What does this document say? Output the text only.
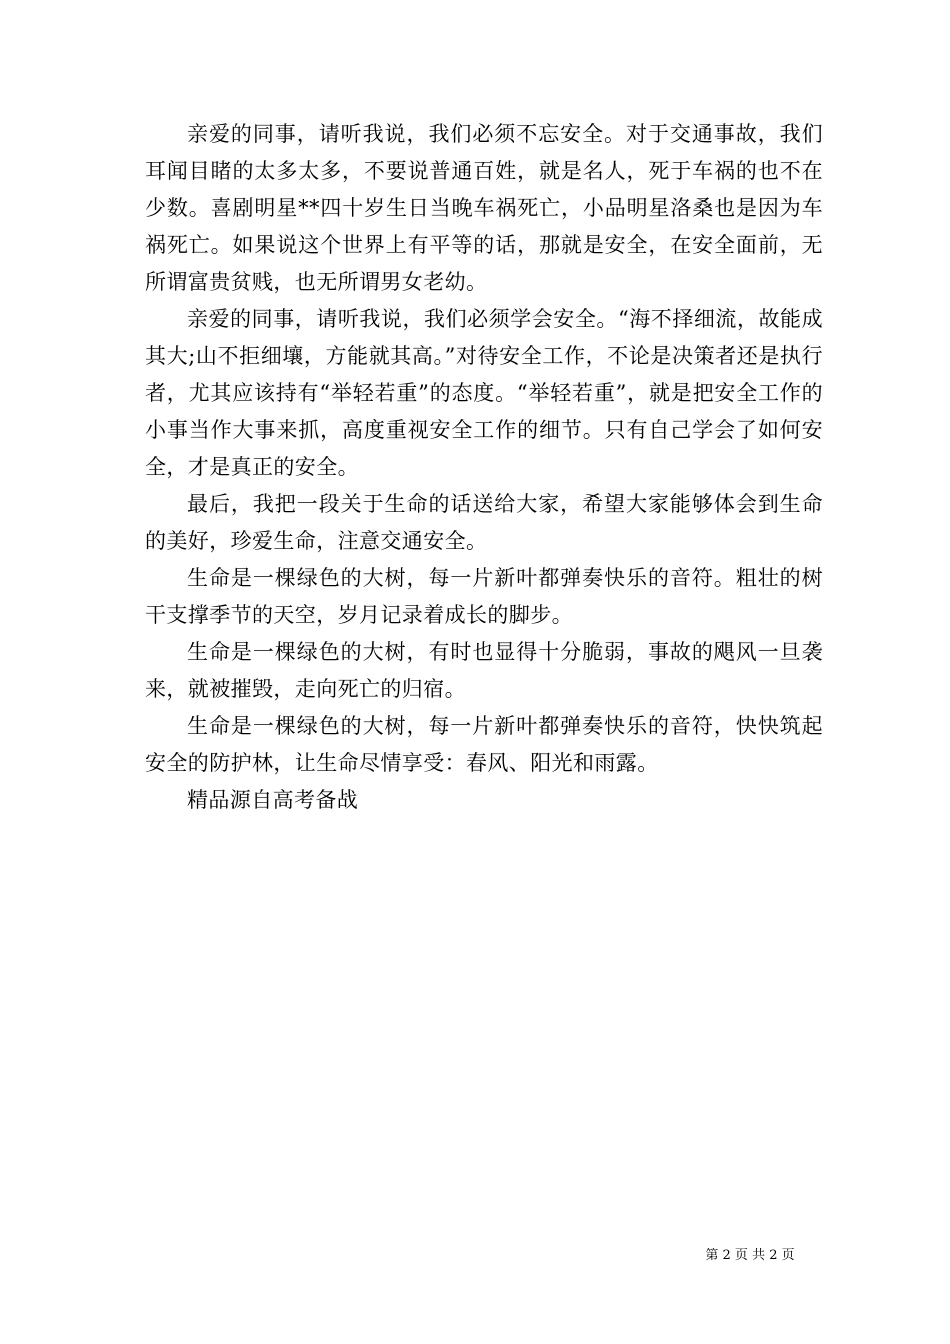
亲爱的同事，请听我说，我们必须不忘安全。对于交通事故，我们耳闻目睹的太多太多，不要说普通百姓，就是名人，死于车祸的也不在少数。喜剧明星**四十岁生日当晚车祸死亡，小品明星洛桑也是因为车祸死亡。如果说这个世界上有平等的话，那就是安全，在安全面前，无所谓富贵贫贱，也无所谓男女老幼。

亲爱的同事，请听我说，我们必须学会安全。“海不择细流，故能成其大;山不拒细壤，方能就其高。”对待安全工作，不论是决策者还是执行者，尤其应该持有“举轻若重”的态度。“举轻若重”，就是把安全工作的小事当作大事来抓，高度重视安全工作的细节。只有自己学会了如何安全，才是真正的安全。

最后，我把一段关于生命的话送给大家，希望大家能够体会到生命的美好，珍爱生命，注意交通安全。

生命是一棵绿色的大树，每一片新叶都弹奏快乐的音符。粗壮的树干支撑季节的天空，岁月记录着成长的脚步。

生命是一棵绿色的大树，有时也显得十分脆弱，事故的飓风一旦袭来，就被摧毁，走向死亡的归宿。

生命是一棵绿色的大树，每一片新叶都弹奏快乐的音符，快快筑起安全的防护林，让生命尽情享受：春风、阳光和雨露。

精品源自高考备战

第 2 页 共 2 页
